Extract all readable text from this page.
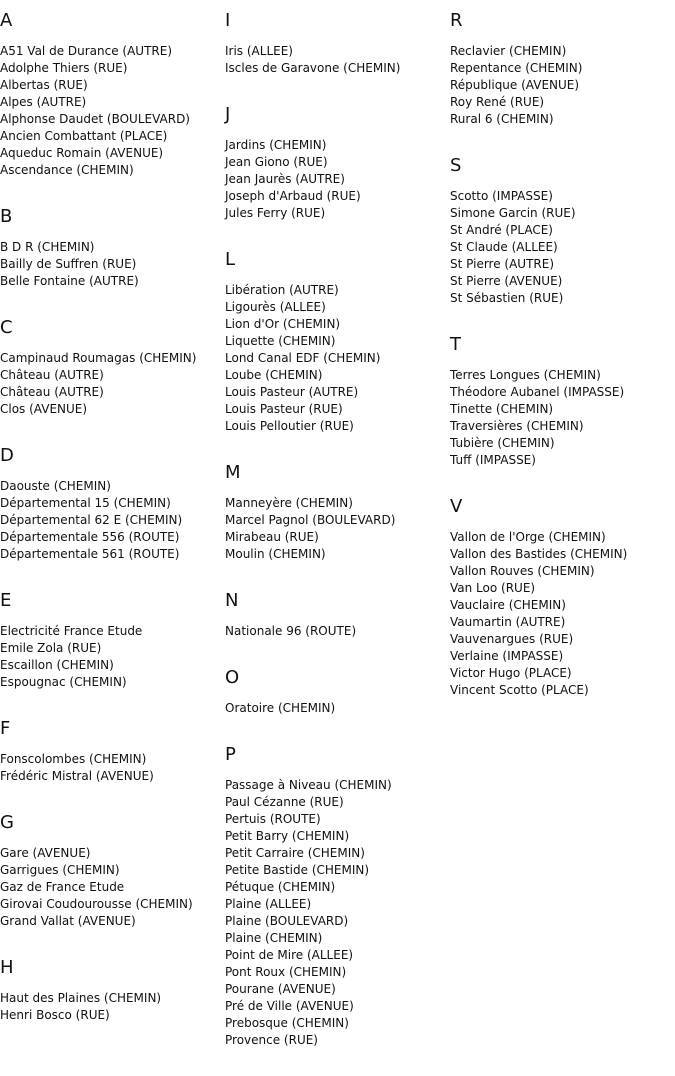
A
A51 Val de Durance (AUTRE)
Adolphe Thiers (RUE)
Albertas (RUE)
Alpes (AUTRE)
Alphonse Daudet (BOULEVARD)
Ancien Combattant (PLACE)
Aqueduc Romain (AVENUE)
Ascendance (CHEMIN)
B
B D R (CHEMIN)
Bailly de Suffren (RUE)
Belle Fontaine (AUTRE)
C
Campinaud Roumagas (CHEMIN)
Château (AUTRE)
Château (AUTRE)
Clos (AVENUE)
D
Daouste (CHEMIN)
Départemental 15 (CHEMIN)
Départemental 62 E (CHEMIN)
Départementale 556 (ROUTE)
Départementale 561 (ROUTE)
E
Electricité France Etude
Emile Zola (RUE)
Escaillon (CHEMIN)
Espougnac (CHEMIN)
F
Fonscolombes (CHEMIN)
Frédéric Mistral (AVENUE)
G
Gare (AVENUE)
Garrigues (CHEMIN)
Gaz de France Etude
Girovai Coudourousse (CHEMIN)
Grand Vallat (AVENUE)
H
Haut des Plaines (CHEMIN)
Henri Bosco (RUE)
I
Iris (ALLEE)
Iscles de Garavone (CHEMIN)
J
Jardins (CHEMIN)
Jean Giono (RUE)
Jean Jaurès (AUTRE)
Joseph d'Arbaud (RUE)
Jules Ferry (RUE)
L
Libération (AUTRE)
Ligourès (ALLEE)
Lion d'Or (CHEMIN)
Liquette (CHEMIN)
Lond Canal EDF (CHEMIN)
Loube (CHEMIN)
Louis Pasteur (AUTRE)
Louis Pasteur (RUE)
Louis Pelloutier (RUE)
M
Manneyère (CHEMIN)
Marcel Pagnol (BOULEVARD)
Mirabeau (RUE)
Moulin (CHEMIN)
N
Nationale 96 (ROUTE)
O
Oratoire (CHEMIN)
P
Passage à Niveau (CHEMIN)
Paul Cézanne (RUE)
Pertuis (ROUTE)
Petit Barry (CHEMIN)
Petit Carraire (CHEMIN)
Petite Bastide (CHEMIN)
Pétuque (CHEMIN)
Plaine (ALLEE)
Plaine (BOULEVARD)
Plaine (CHEMIN)
Point de Mire (ALLEE)
Pont Roux (CHEMIN)
Pourane (AVENUE)
Pré de Ville (AVENUE)
Prebosque (CHEMIN)
Provence (RUE)
R
Reclavier (CHEMIN)
Repentance (CHEMIN)
République (AVENUE)
Roy René (RUE)
Rural 6 (CHEMIN)
S
Scotto (IMPASSE)
Simone Garcin (RUE)
St André (PLACE)
St Claude (ALLEE)
St Pierre (AUTRE)
St Pierre (AVENUE)
St Sébastien (RUE)
T
Terres Longues (CHEMIN)
Théodore Aubanel (IMPASSE)
Tinette (CHEMIN)
Traversières (CHEMIN)
Tubière (CHEMIN)
Tuff (IMPASSE)
V
Vallon de l'Orge (CHEMIN)
Vallon des Bastides (CHEMIN)
Vallon Rouves (CHEMIN)
Van Loo (RUE)
Vauclaire (CHEMIN)
Vaumartin (AUTRE)
Vauvenargues (RUE)
Verlaine (IMPASSE)
Victor Hugo (PLACE)
Vincent Scotto (PLACE)
